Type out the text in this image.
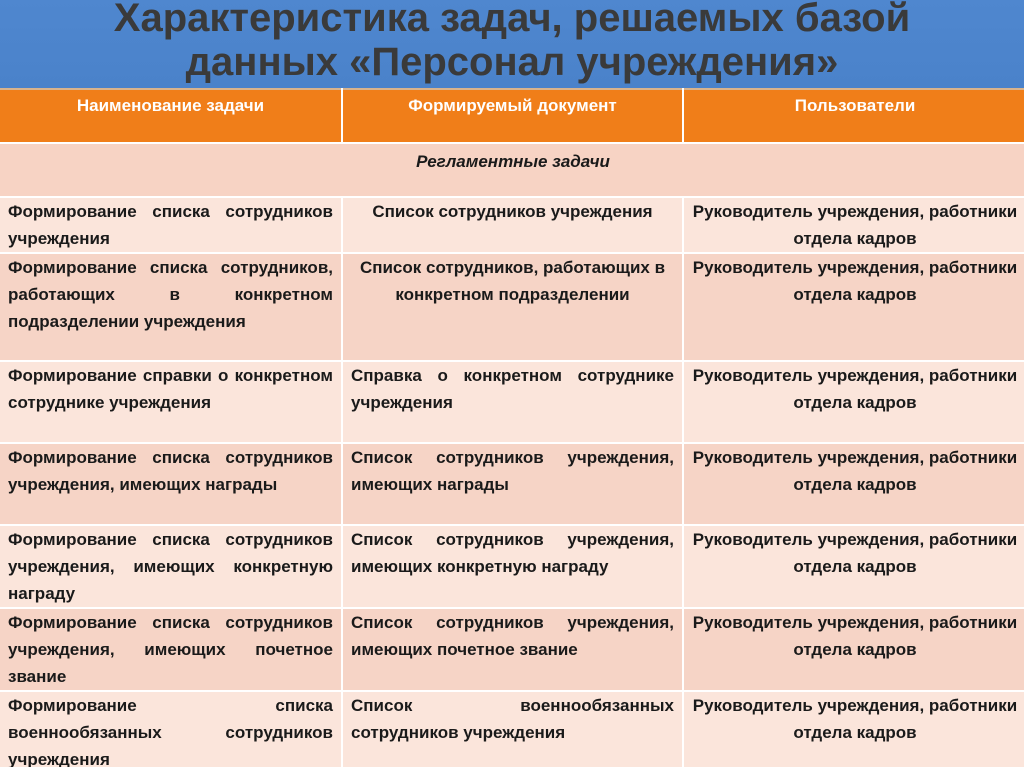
Характеристика задач, решаемых базой
данных «Персонал учреждения»
Наименование задачи	Формируемый документ	Пользователи
Регламентные задачи		
Формирование списка сотрудников учреждения	Список сотрудников учреждения	Руководитель учреждения, работники отдела кадров
Формирование списка сотрудников, работающих в конкретном подразделении учреждения	Список сотрудников, работающих в конкретном подразделении	Руководитель учреждения, работники отдела кадров
Формирование справки о конкретном сотруднике учреждения	Справка о конкретном сотруднике учреждения	Руководитель учреждения, работники отдела кадров
Формирование списка сотрудников учреждения, имеющих награды	Список сотрудников учреждения, имеющих награды	Руководитель учреждения, работники отдела кадров
Формирование списка сотрудников учреждения, имеющих конкретную награду	Список сотрудников учреждения, имеющих конкретную награду	Руководитель учреждения, работники отдела кадров
Формирование списка сотрудников учреждения, имеющих почетное звание	Список сотрудников учреждения, имеющих почетное звание	Руководитель учреждения, работники отдела кадров
Формирование списка военнообязанных сотрудников учреждения	Список военнообязанных сотрудников учреждения	Руководитель учреждения, работники отдела кадров
